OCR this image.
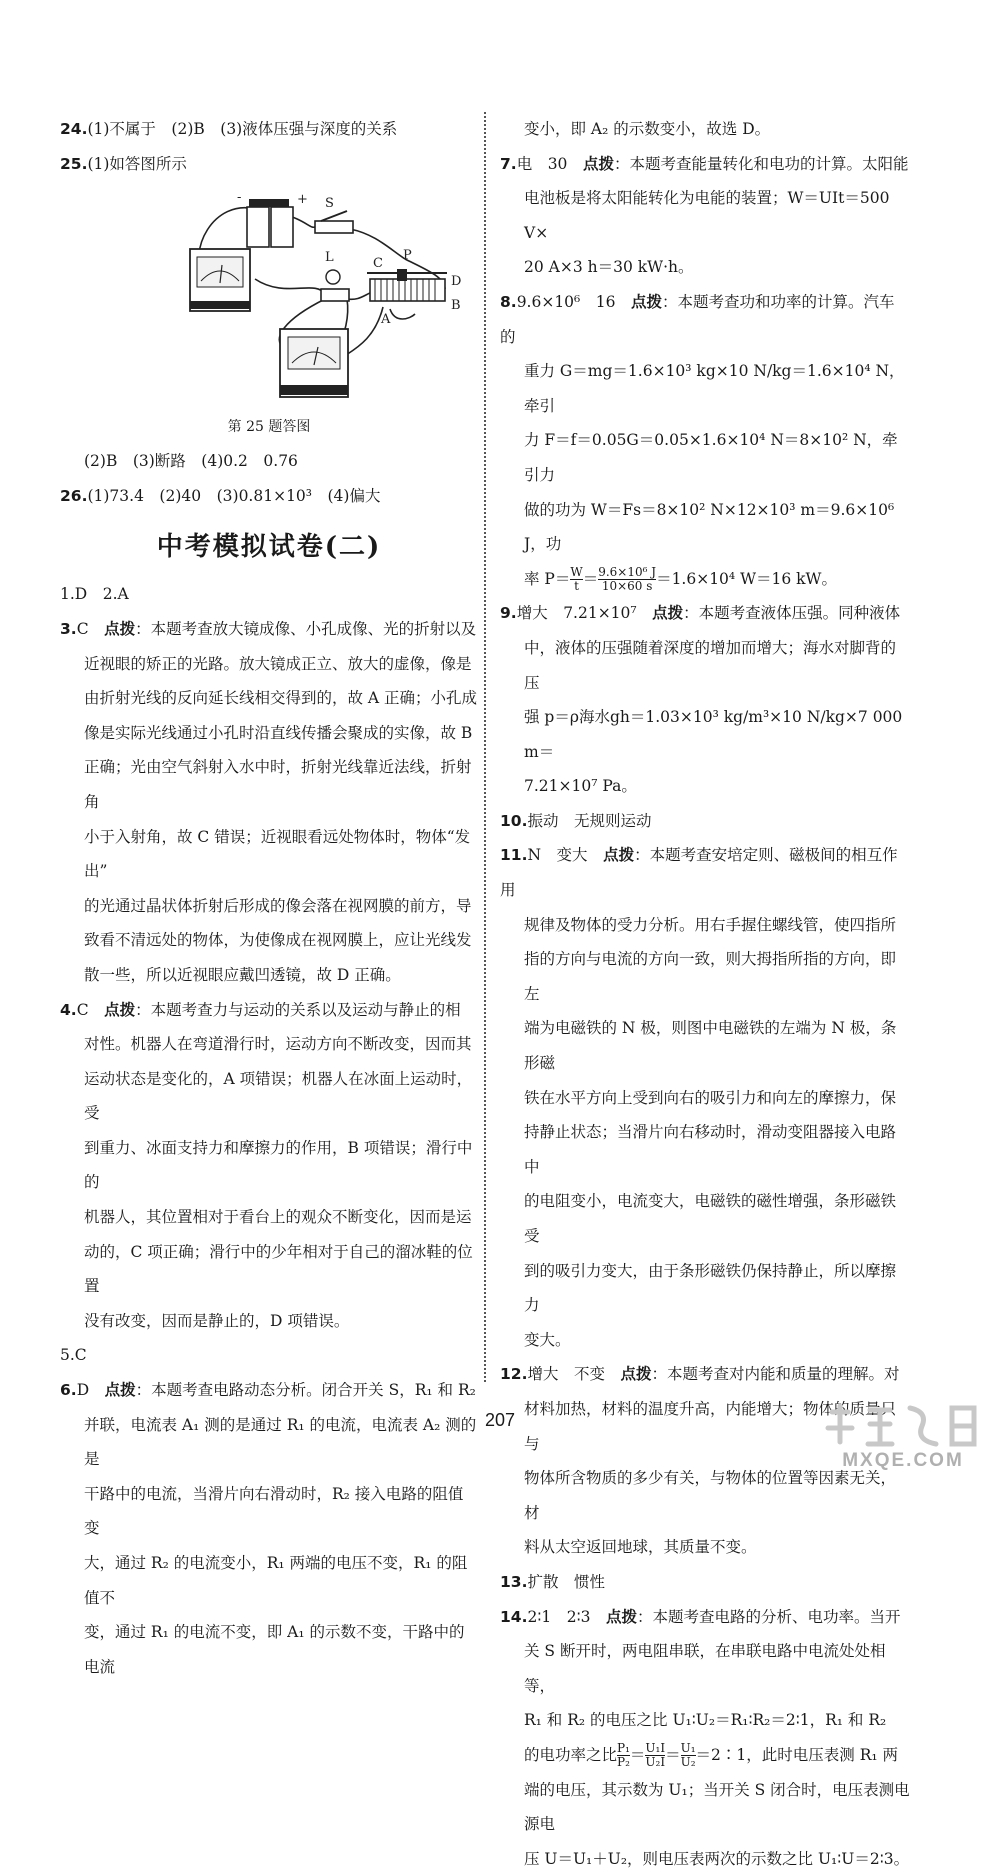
24.(1)不属于　(2)B　(3)液体压强与深度的关系

25.(1)如答图所示

-	+ S
L	C
P
D
A
B
第 25 题答图

(2)B　(3)断路　(4)0.2　0.76

26.(1)73.4　(2)40　(3)0.81×10³　(4)偏大

中考模拟试卷(二)

1.D　2.A

3.C　 点拨：本题考查放大镜成像、小孔成像、光的折射以及

近视眼的矫正的光路。放大镜成正立、放大的虚像，像是

由折射光线的反向延长线相交得到的，故 A 正确；小孔成

像是实际光线通过小孔时沿直线传播会聚成的实像，故 B

正确；光由空气斜射入水中时，折射光线靠近法线，折射角

小于入射角，故 C 错误；近视眼看远处物体时，物体“发出”

的光通过晶状体折射后形成的像会落在视网膜的前方，导

致看不清远处的物体，为使像成在视网膜上，应让光线发

散一些，所以近视眼应戴凹透镜，故 D 正确。

4.C　 点拨：本题考查力与运动的关系以及运动与静止的相

对性。机器人在弯道滑行时，运动方向不断改变，因而其

运动状态是变化的，A 项错误；机器人在冰面上运动时，受

到重力、冰面支持力和摩擦力的作用，B 项错误；滑行中的

机器人，其位置相对于看台上的观众不断变化，因而是运

动的，C 项正确；滑行中的少年相对于自己的溜冰鞋的位置

没有改变，因而是静止的，D 项错误。

5.C

6.D　 点拨：本题考查电路动态分析。闭合开关 S，R₁ 和 R₂

并联，电流表 A₁ 测的是通过 R₁ 的电流，电流表 A₂ 测的是

干路中的电流，当滑片向右滑动时，R₂ 接入电路的阻值变

大，通过 R₂ 的电流变小，R₁ 两端的电压不变，R₁ 的阻值不

变，通过 R₁ 的电流不变，即 A₁ 的示数不变，干路中的电流

变小，即 A₂ 的示数变小，故选 D。

7.电　30　 点拨：本题考查能量转化和电功的计算。太阳能

电池板是将太阳能转化为电能的装置；W＝UIt＝500 V×

20 A×3 h＝30 kW·h。

8.9.6×10⁶　16　 点拨：本题考查功和功率的计算。汽车的

重力 G＝mg＝1.6×10³ kg×10 N/kg＝1.6×10⁴ N，牵引

力 F＝f＝0.05G＝0.05×1.6×10⁴ N＝8×10² N，牵引力

做的功为 W＝Fs＝8×10² N×12×10³ m＝9.6×10⁶ J，功

率 $P= \frac{W}{t} = \frac{\text{9.6×10⁶ J}}{10\times 60 s} =1.6\times 10^4$ W＝16 kW。

9.增大　7.21×10⁷　 点拨：本题考查液体压强。同种液体

中，液体的压强随着深度的增加而增大；海水对脚背的压

强 p＝ρ海水gh＝1.03×10³ kg/m³×10 N/kg×7 000 m＝

7.21×10⁷ Pa。

10.振动　无规则运动

11.N　变大　 点拨：本题考查安培定则、磁极间的相互作用

规律及物体的受力分析。用右手握住螺线管，使四指所

指的方向与电流的方向一致，则大拇指所指的方向，即左

端为电磁铁的 N 极，则图中电磁铁的左端为 N 极，条形磁

铁在水平方向上受到向右的吸引力和向左的摩擦力，保

持静止状态；当滑片向右移动时，滑动变阻器接入电路中

的电阻变小，电流变大，电磁铁的磁性增强，条形磁铁受

到的吸引力变大，由于条形磁铁仍保持静止，所以摩擦力

变大。

12.增大　不变　 点拨：本题考查对内能和质量的理解。对

材料加热，材料的温度升高，内能增大；物体的质量只与

物体所含物质的多少有关，与物体的位置等因素无关，材

料从太空返回地球，其质量不变。

13.扩散　惯性

14.2∶1　2∶3　 点拨：本题考查电路的分析、电功率。当开

关 S 断开时，两电阻串联，在串联电路中电流处处相等，

R₁ 和 R₂ 的电压之比 U₁∶U₂＝R₁∶R₂＝2∶1，R₁ 和 R₂

的电功率之比 $\frac{\text{P₁}}{\text{P₂}} = \frac{\text{U₁I}}{\text{U₂I}} = \frac{\text{U₁}}{\text{U₂}}$ ＝2∶1，此时电压表测 R₁ 两

端的电压，其示数为 U₁；当开关 S 闭合时，电压表测电源电

压 U＝U₁＋U₂，则电压表两次的示数之比 U₁∶U＝2∶3。

207
MXQE.COM
